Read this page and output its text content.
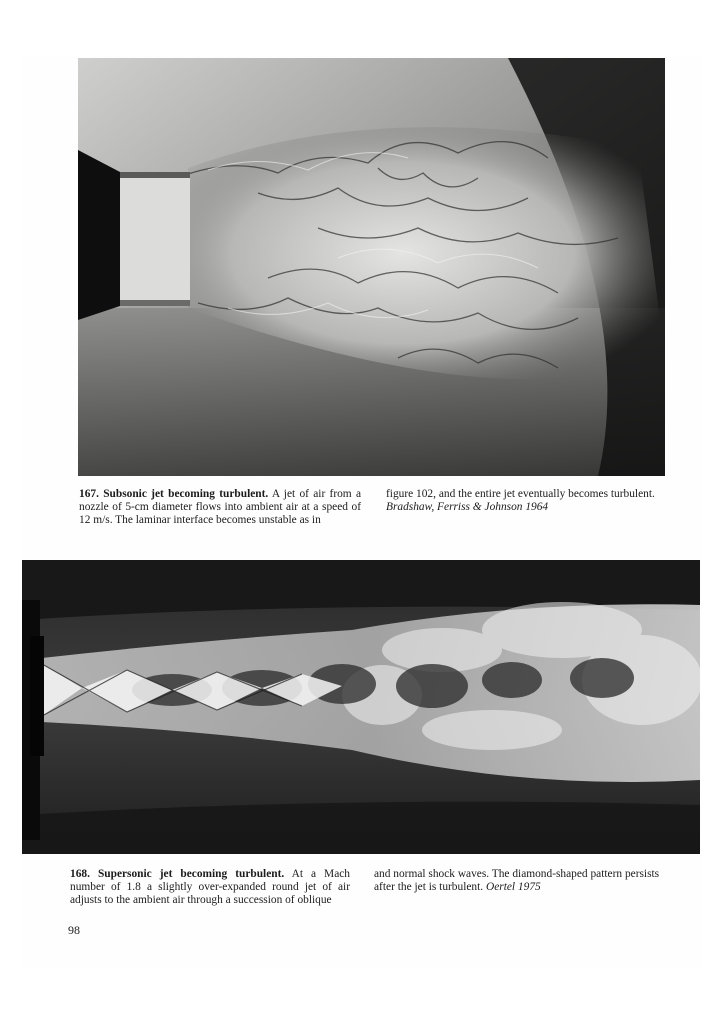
167. Subsonic jet becoming turbulent. A jet of air from a nozzle of 5-cm diameter flows into ambient air at a speed of 12 m/s. The laminar interface becomes unstable as in
figure 102, and the entire jet eventually becomes turbulent.
Bradshaw, Ferriss & Johnson 1964
168. Supersonic jet becoming turbulent. At a Mach number of 1.8 a slightly over-expanded round jet of air adjusts to the ambient air through a succession of oblique
and normal shock waves. The diamond-shaped pattern persists after the jet is turbulent. Oertel 1975
98
